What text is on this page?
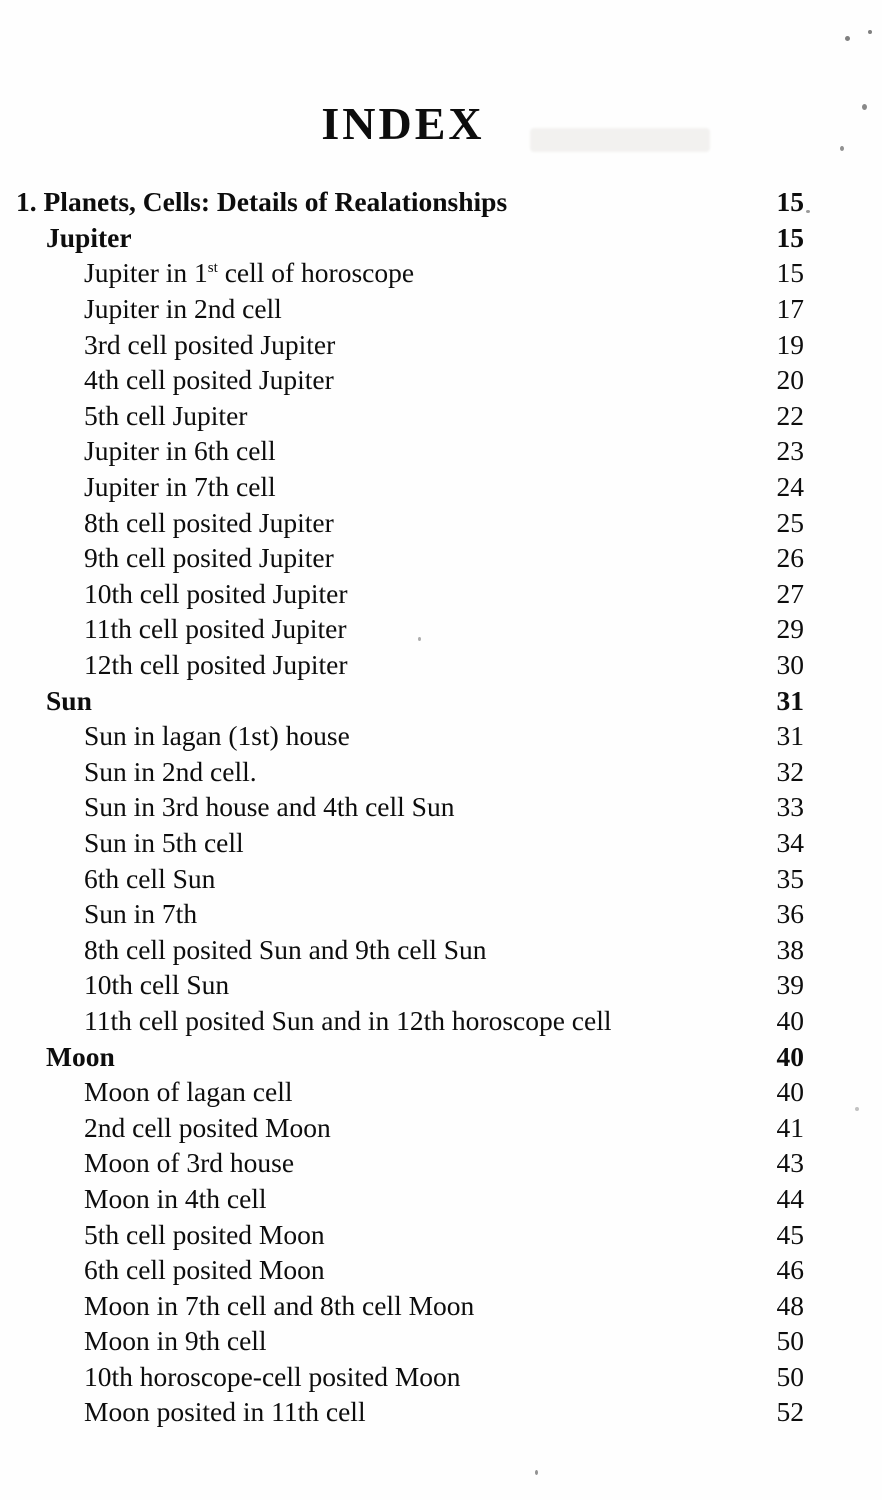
INDEX
1. Planets, Cells: Details of Realationships	15
Jupiter	15
Jupiter in 1st cell of horoscope	15
Jupiter in 2nd cell	17
3rd cell posited Jupiter	19
4th cell posited Jupiter	20
5th cell Jupiter	22
Jupiter in 6th cell	23
Jupiter in 7th cell	24
8th cell posited Jupiter	25
9th cell posited Jupiter	26
10th cell posited Jupiter	27
11th cell posited Jupiter	29
12th cell posited Jupiter	30
Sun	31
Sun in lagan (1st) house	31
Sun in 2nd cell.	32
Sun in 3rd house and 4th cell Sun	33
Sun in 5th cell	34
6th cell Sun	35
Sun in 7th	36
8th cell posited Sun and 9th cell Sun	38
10th cell Sun	39
11th cell posited Sun and in 12th horoscope cell	40
Moon	40
Moon of lagan cell	40
2nd cell posited Moon	41
Moon of 3rd house	43
Moon in 4th cell	44
5th cell posited Moon	45
6th cell posited Moon	46
Moon in 7th cell and 8th cell Moon	48
Moon in 9th cell	50
10th horoscope-cell posited Moon	50
Moon posited in 11th cell	52
